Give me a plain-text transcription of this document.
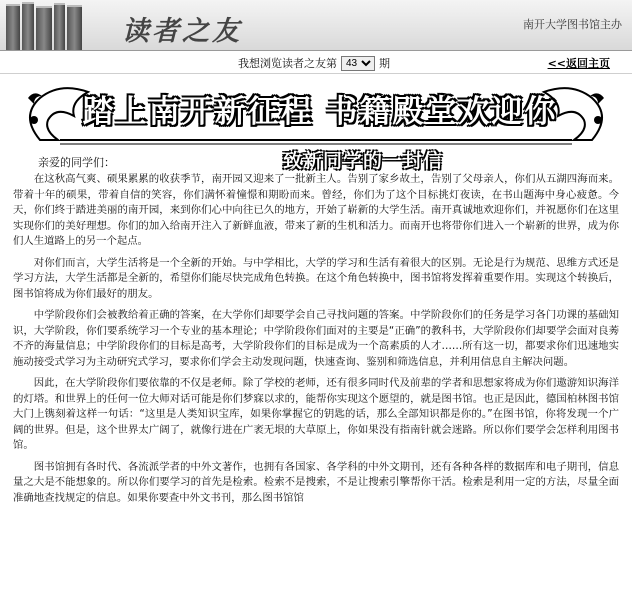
读者之友	南开大学图书馆主办
我想浏览读者之友第
43	期	<<返回主页
踏上南开新征程 书籍殿堂欢迎你
亲爱的同学们：	致新同学的一封信

在这秋高气爽、硕果累累的收获季节，南开园又迎来了一批新主人。告别了家乡故土，告别了父母亲人，你们从五湖四海而来。带着十年的硕果，带着自信的笑容，你们满怀着憧憬和期盼而来。曾经，你们为了这个目标挑灯夜读，在书山题海中身心疲惫。今天，你们终于踏进美丽的南开园，来到你们心中向往已久的地方，开始了崭新的大学生活。南开真诚地欢迎你们，并祝愿你们在这里实现你们的美好理想。你们的加入给南开注入了新鲜血液，带来了新的生机和活力。而南开也将带你们进入一个崭新的世界，成为你们人生道路上的另一个起点。

对你们而言，大学生活将是一个全新的开始。与中学相比，大学的学习和生活有着很大的区别。无论是行为规范、思维方式还是学习方法，大学生活都是全新的，希望你们能尽快完成角色转换。在这个角色转换中，图书馆将发挥着重要作用。实现这个转换后，图书馆将成为你们最好的朋友。

中学阶段你们会被教给着正确的答案，在大学你们却要学会自己寻找问题的答案。中学阶段你们的任务是学习各门功课的基础知识，大学阶段，你们要系统学习一个专业的基本理论；中学阶段你们面对的主要是“正确”的教科书，大学阶段你们却要学会面对良莠不齐的海量信息；中学阶段你们的目标是高考，大学阶段你们的目标是成为一个高素质的人才……所有这一切，都要求你们迅速地实施动接受式学习为主动研究式学习，要求你们学会主动发现问题，快速查询、鉴别和筛选信息，并利用信息自主解决问题。

因此，在大学阶段你们要依靠的不仅是老师。除了学校的老师，还有很多同时代及前辈的学者和思想家将成为你们遨游知识海洋的灯塔。和世界上的任何一位大师对话可能是你们梦寐以求的，能帮你实现这个愿望的，就是图书馆。也正是因此，德国柏林图书馆大门上镌刻着这样一句话：“这里是人类知识宝库，如果你掌握它的钥匙的话，那么全部知识都是你的。”在图书馆，你将发现一个广阔的世界。但是，这个世界太广阔了，就像行进在广袤无垠的大草原上，你如果没有指南针就会迷路。所以你们要学会怎样利用图书馆。

图书馆拥有各时代、各流派学者的中外文著作，也拥有各国家、各学科的中外文期刊，还有各种各样的数据库和电子期刊，信息量之大是不能想象的。所以你们要学习的首先是检索。检索不是搜索，不是让搜索引擎帮你干活。检索是利用一定的方法，尽量全面准确地查找规定的信息。如果你要查中外文书刊，那么图书馆馆
